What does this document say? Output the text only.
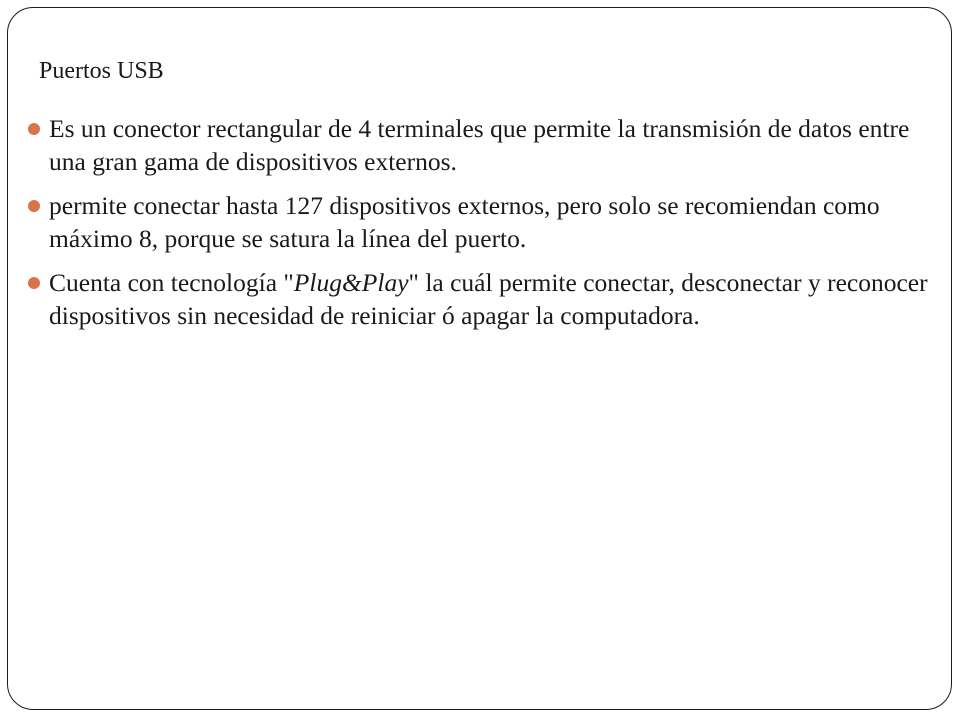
Puertos USB
Es un conector rectangular de 4 terminales que permite la transmisión de datos entre una gran gama de dispositivos externos.
permite conectar hasta 127 dispositivos externos, pero solo se recomiendan como máximo 8, porque se satura la línea del puerto.
Cuenta con tecnología "Plug&Play" la cuál permite conectar, desconectar y reconocer dispositivos sin necesidad de reiniciar ó apagar la computadora.
